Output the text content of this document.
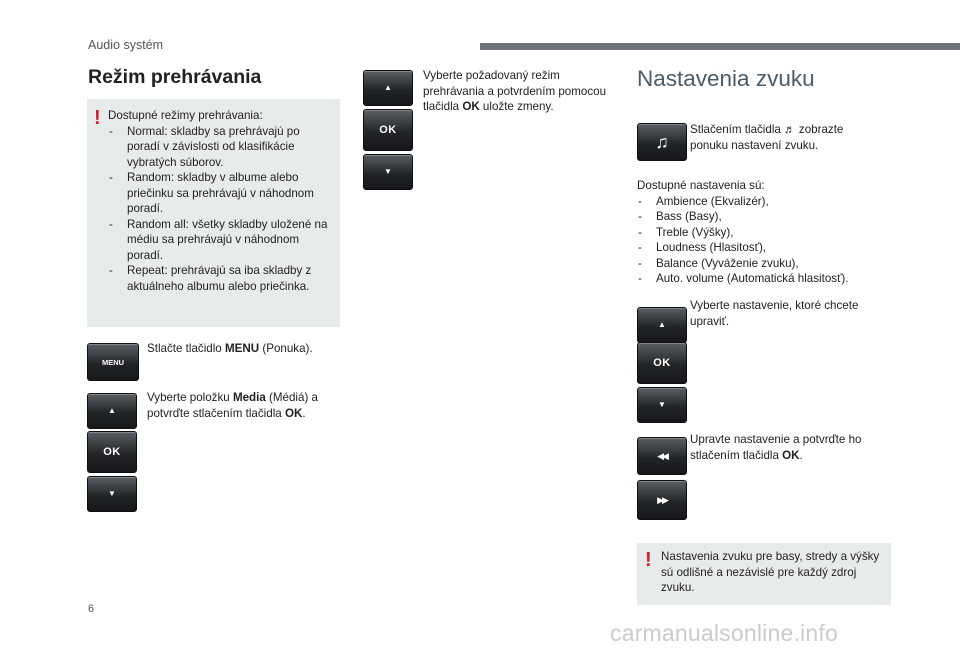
Audio systém
Režim prehrávania
! Dostupné režimy prehrávania:
- Normal: skladby sa prehrávajú po poradí v závislosti od klasifikácie vybratých súborov.
- Random: skladby v albume alebo priečinku sa prehrávajú v náhodnom poradí.
- Random all: všetky skladby uložené na médiu sa prehrávajú v náhodnom poradí.
- Repeat: prehrávajú sa iba skladby z aktuálneho albumu alebo priečinka.
MENU
Stlačte tlačidlo MENU (Ponuka).
▲
OK
▼
Vyberte položku Media (Médiá) a potvrďte stlačením tlačidla OK.
▲
OK
▼
Vyberte požadovaný režim prehrávania a potvrdením pomocou tlačidla OK uložte zmeny.
Nastavenia zvuku
♫
Stlačením tlačidla ♬ zobrazte ponuku nastavení zvuku.
Dostupné nastavenia sú:
- Ambience (Ekvalizér),
- Bass (Basy),
- Treble (Výšky),
- Loudness (Hlasitosť),
- Balance (Vyváženie zvuku),
- Auto. volume (Automatická hlasitosť).
▲
OK
▼
Vyberte nastavenie, ktoré chcete upraviť.
◀◀
▶▶
Upravte nastavenie a potvrďte ho stlačením tlačidla OK.
! Nastavenia zvuku pre basy, stredy a výšky sú odlišné a nezávislé pre každý zdroj zvuku.
6
carmanualsonline.info
